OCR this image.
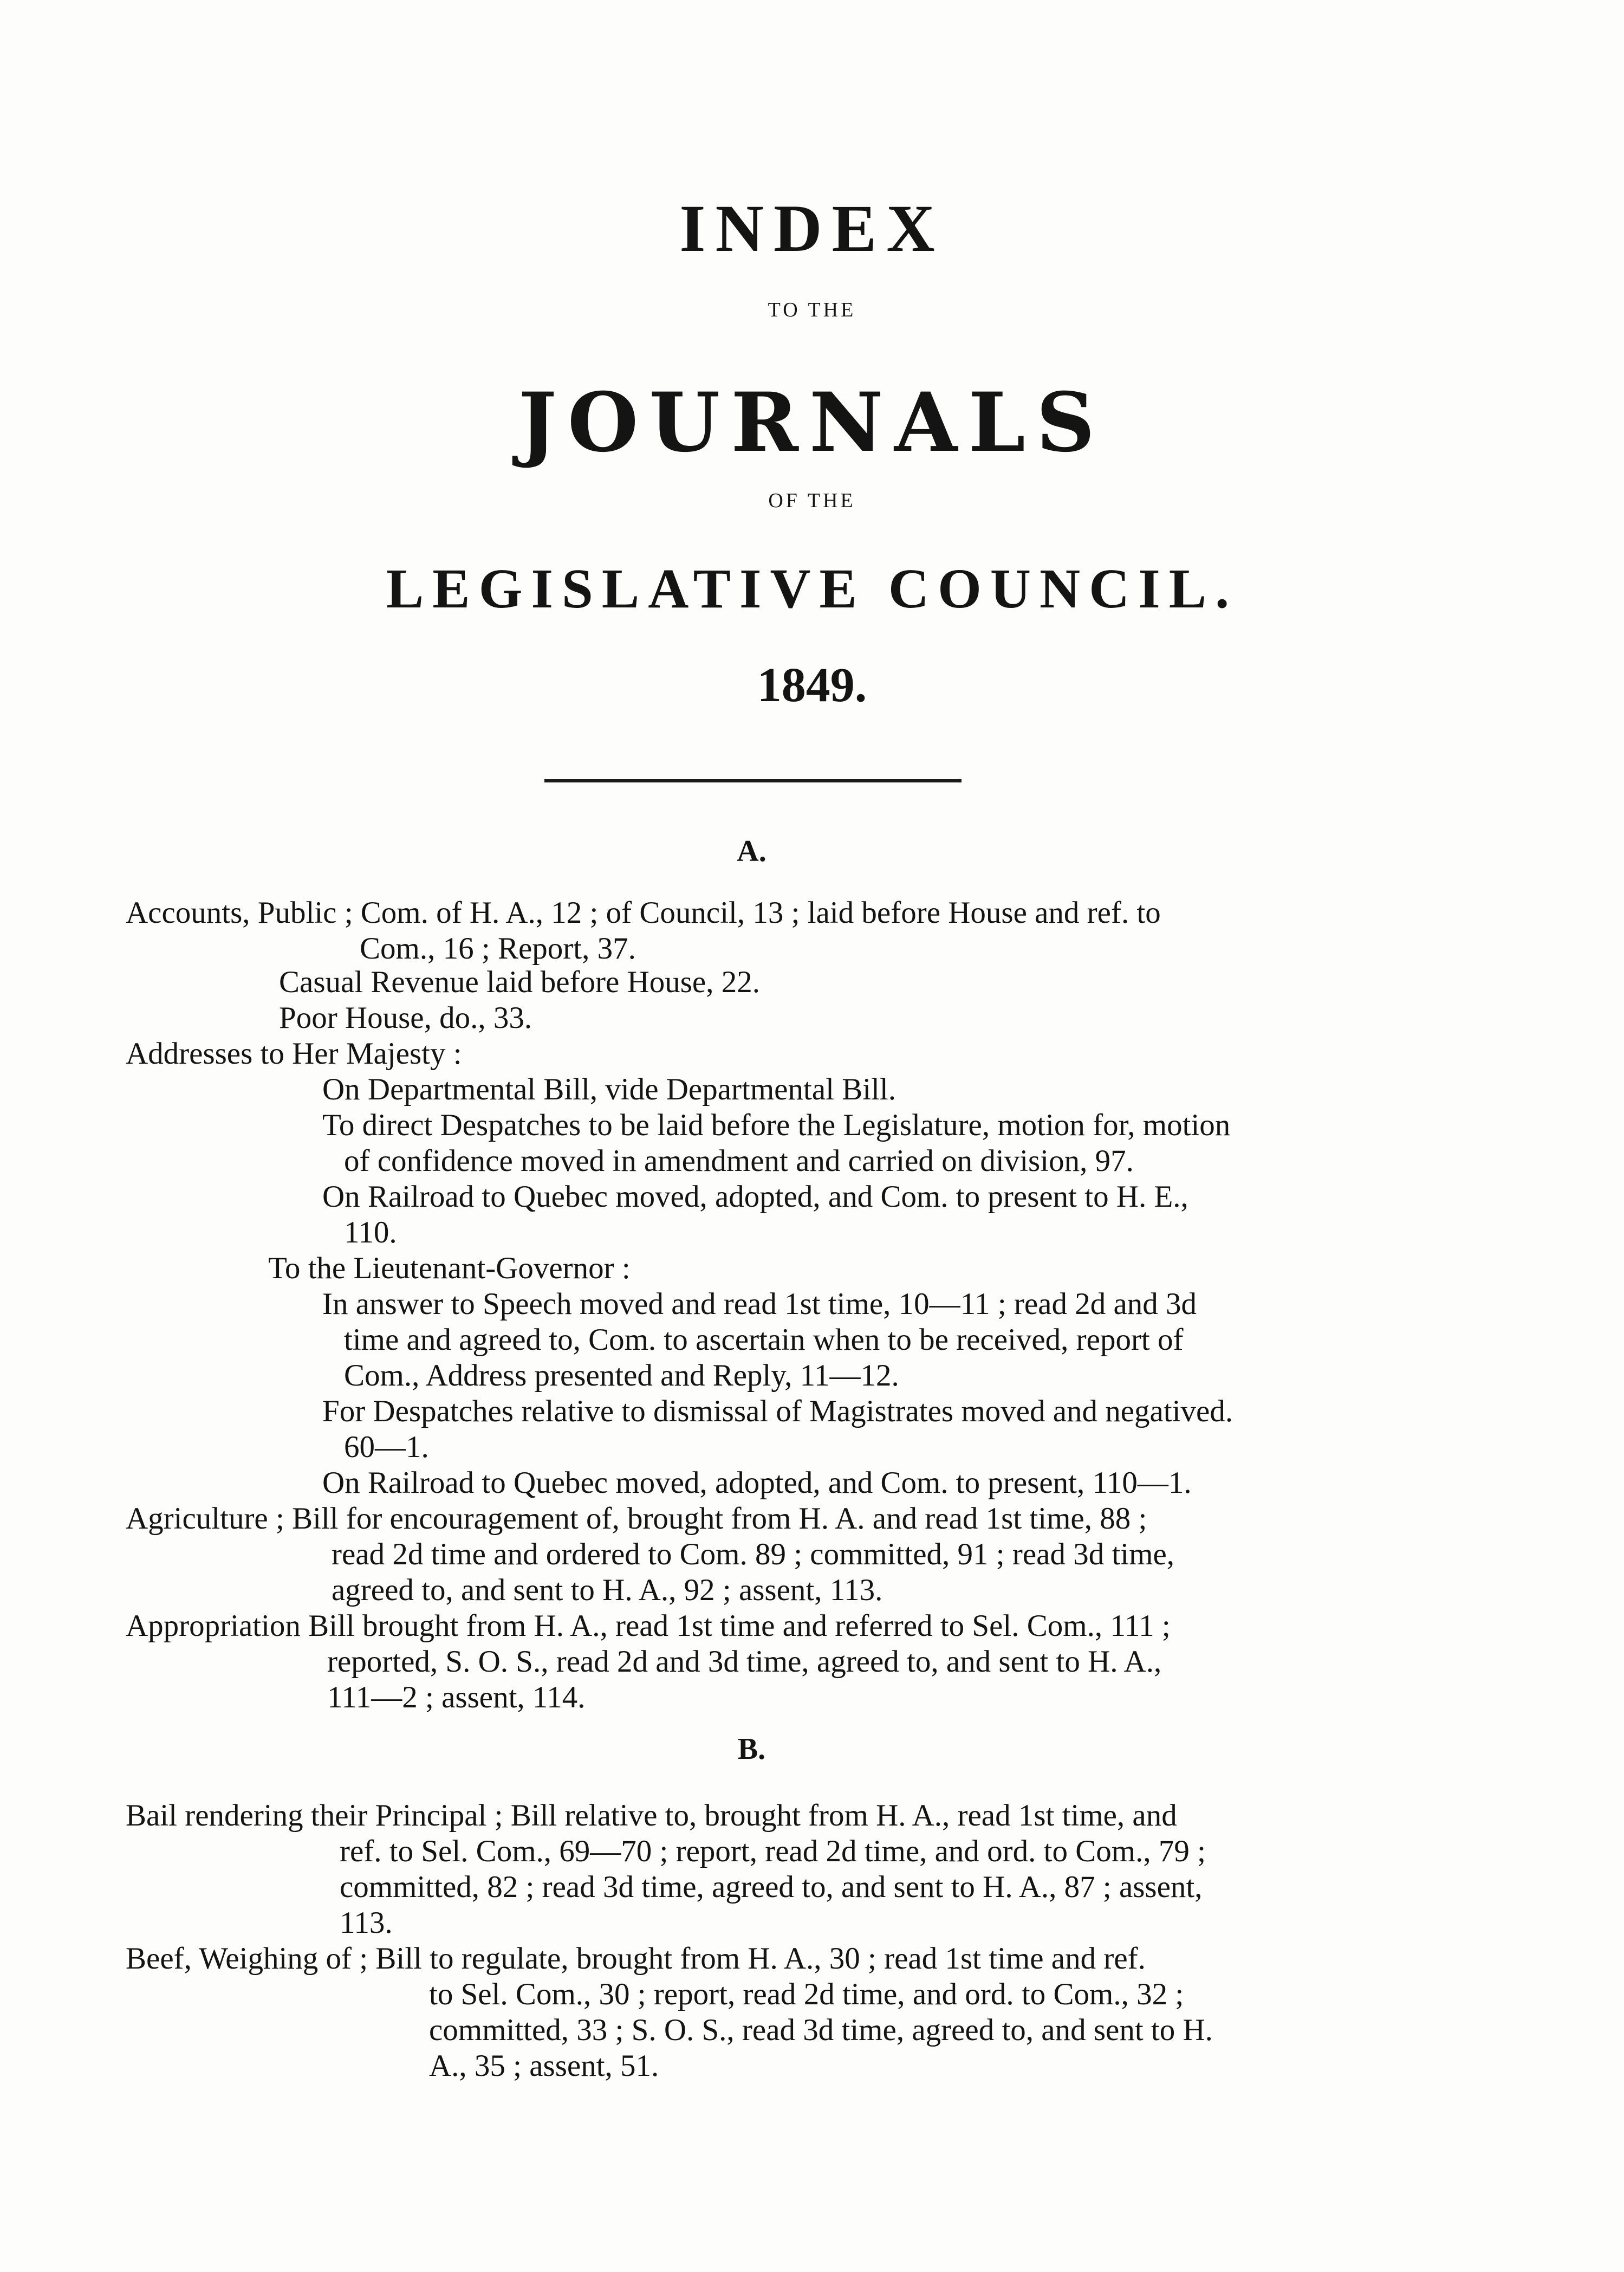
INDEX
TO THE
JOURNALS
OF THE
LEGISLATIVE COUNCIL.
1849.
A.
Accounts, Public ; Com. of H. A., 12 ; of Council, 13 ; laid before House and ref. to
Com., 16 ; Report, 37.
Casual Revenue laid before House, 22.
Poor House, do., 33.
Addresses to Her Majesty :
On Departmental Bill, vide Departmental Bill.
To direct Despatches to be laid before the Legislature, motion for, motion
of confidence moved in amendment and carried on division, 97.
On Railroad to Quebec moved, adopted, and Com. to present to H. E.,
110.
To the Lieutenant-Governor :
In answer to Speech moved and read 1st time, 10—11 ; read 2d and 3d
time and agreed to, Com. to ascertain when to be received, report of
Com., Address presented and Reply, 11—12.
For Despatches relative to dismissal of Magistrates moved and negatived.
60—1.
On Railroad to Quebec moved, adopted, and Com. to present, 110—1.
Agriculture ; Bill for encouragement of, brought from H. A. and read 1st time, 88 ;
read 2d time and ordered to Com. 89 ; committed, 91 ; read 3d time,
agreed to, and sent to H. A., 92 ; assent, 113.
Appropriation Bill brought from H. A., read 1st time and referred to Sel. Com., 111 ;
reported, S. O. S., read 2d and 3d time, agreed to, and sent to H. A.,
111—2 ; assent, 114.
B.
Bail rendering their Principal ; Bill relative to, brought from H. A., read 1st time, and
ref. to Sel. Com., 69—70 ; report, read 2d time, and ord. to Com., 79 ;
committed, 82 ; read 3d time, agreed to, and sent to H. A., 87 ; assent,
113.
Beef, Weighing of ; Bill to regulate, brought from H. A., 30 ; read 1st time and ref.
to Sel. Com., 30 ; report, read 2d time, and ord. to Com., 32 ;
committed, 33 ; S. O. S., read 3d time, agreed to, and sent to H.
A., 35 ; assent, 51.
